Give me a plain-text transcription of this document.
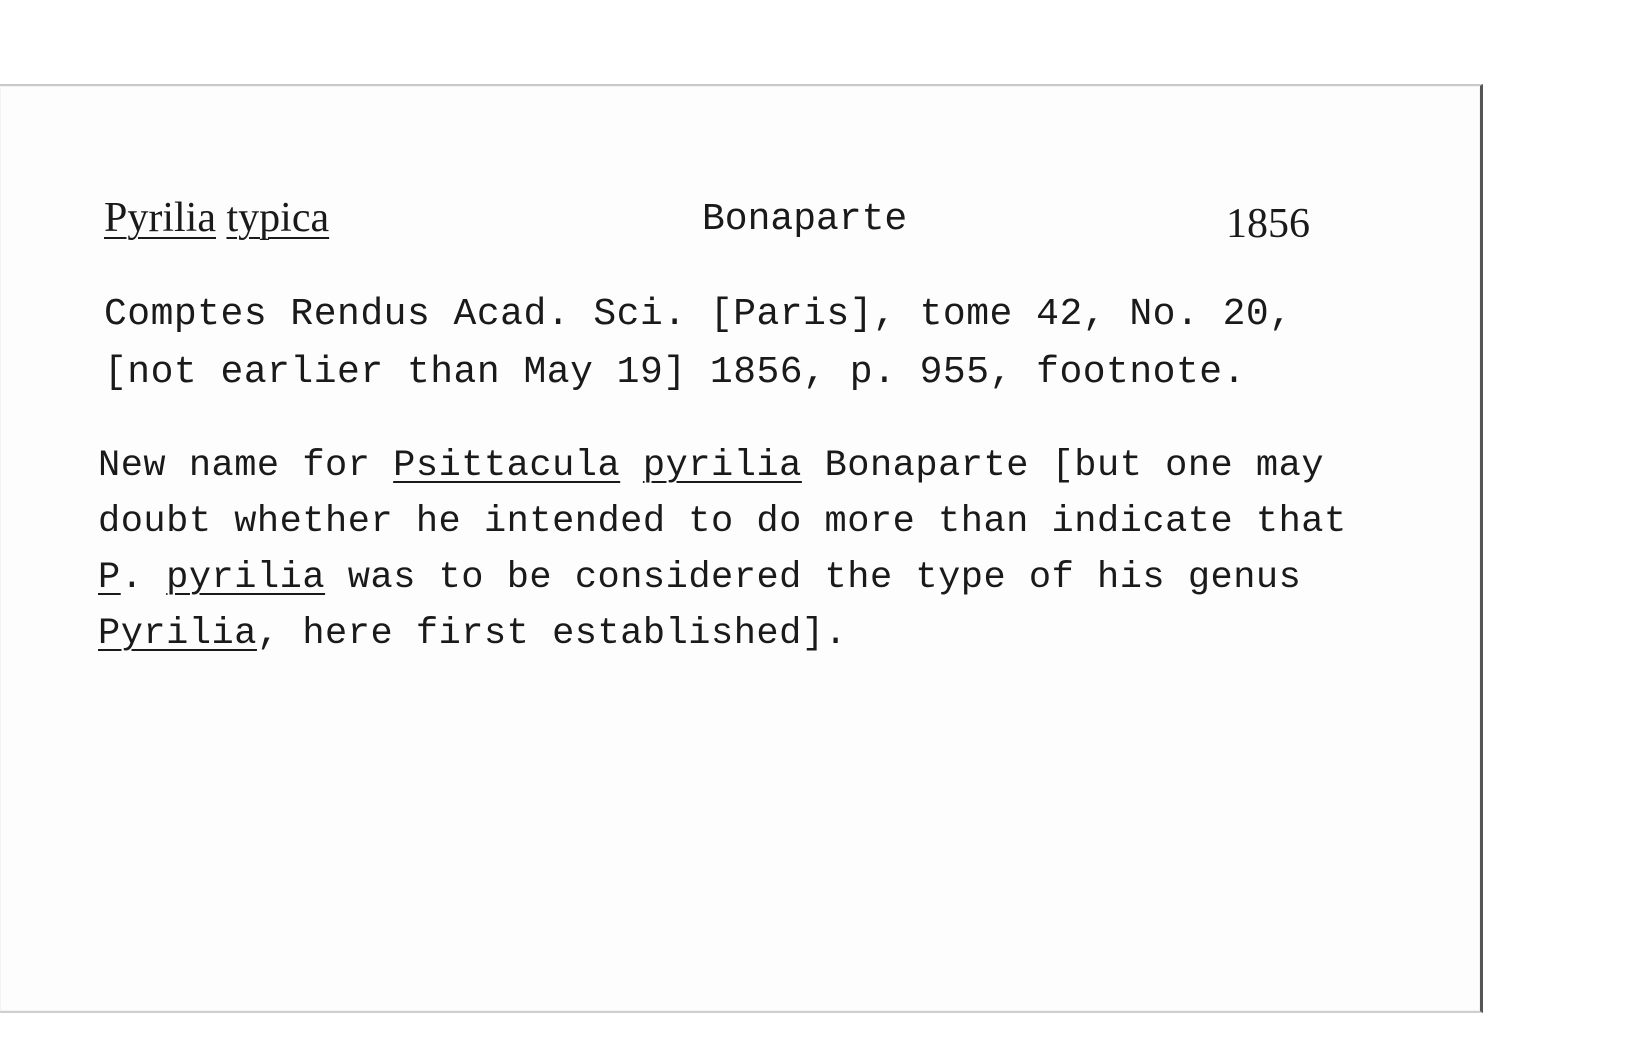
Pyrilia typica	Bonaparte	1856
Comptes Rendus Acad. Sci. [Paris], tome 42, No. 20,
[not earlier than May 19] 1856, p. 955, footnote.
New name for Psittacula pyrilia Bonaparte [but one may
doubt whether he intended to do more than indicate that
P. pyrilia was to be considered the type of his genus
Pyrilia, here first established].
